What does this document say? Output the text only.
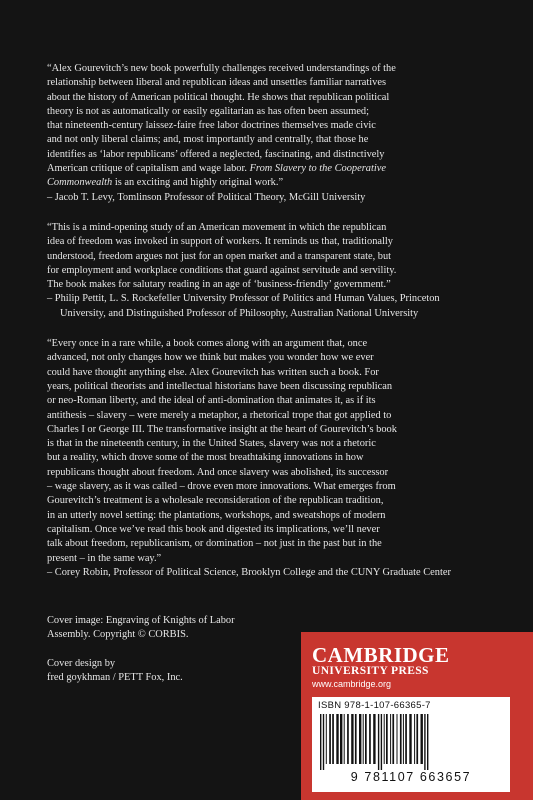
“Alex Gourevitch’s new book powerfully challenges received understandings of the
relationship between liberal and republican ideas and unsettles familiar narratives
about the history of American political thought. He shows that republican political
theory is not as automatically or easily egalitarian as has often been assumed;
that nineteenth-century laissez-faire free labor doctrines themselves made civic
and not only liberal claims; and, most importantly and centrally, that those he
identifies as ‘labor republicans’ offered a neglected, fascinating, and distinctively
American critique of capitalism and wage labor. From Slavery to the Cooperative
Commonwealth is an exciting and highly original work.”

– Jacob T. Levy, Tomlinson Professor of Political Theory, McGill University

“This is a mind-opening study of an American movement in which the republican
idea of freedom was invoked in support of workers. It reminds us that, traditionally
understood, freedom argues not just for an open market and a transparent state, but
for employment and workplace conditions that guard against servitude and servility.
The book makes for salutary reading in an age of ‘business-friendly’ government.”

– Philip Pettit, L. S. Rockefeller University Professor of Politics and Human Values, Princeton University, and Distinguished Professor of Philosophy, Australian National University

“Every once in a rare while, a book comes along with an argument that, once
advanced, not only changes how we think but makes you wonder how we ever
could have thought anything else. Alex Gourevitch has written such a book. For
years, political theorists and intellectual historians have been discussing republican
or neo-Roman liberty, and the ideal of anti-domination that animates it, as if its
antithesis – slavery – were merely a metaphor, a rhetorical trope that got applied to
Charles I or George III. The transformative insight at the heart of Gourevitch’s book
is that in the nineteenth century, in the United States, slavery was not a rhetoric
but a reality, which drove some of the most breathtaking innovations in how
republicans thought about freedom. And once slavery was abolished, its successor
– wage slavery, as it was called – drove even more innovations. What emerges from
Gourevitch’s treatment is a wholesale reconsideration of the republican tradition,
in an utterly novel setting: the plantations, workshops, and sweatshops of modern
capitalism. Once we’ve read this book and digested its implications, we’ll never
talk about freedom, republicanism, or domination – not just in the past but in the
present – in the same way.”

– Corey Robin, Professor of Political Science, Brooklyn College and the CUNY Graduate Center

Cover image: Engraving of Knights of Labor Assembly. Copyright © CORBIS.

Cover design by
fred goykhman / PETT Fox, Inc.

CAMBRIDGE
UNIVERSITY PRESS
www.cambridge.org
ISBN 978-1-107-66365-7
9 781107 663657
